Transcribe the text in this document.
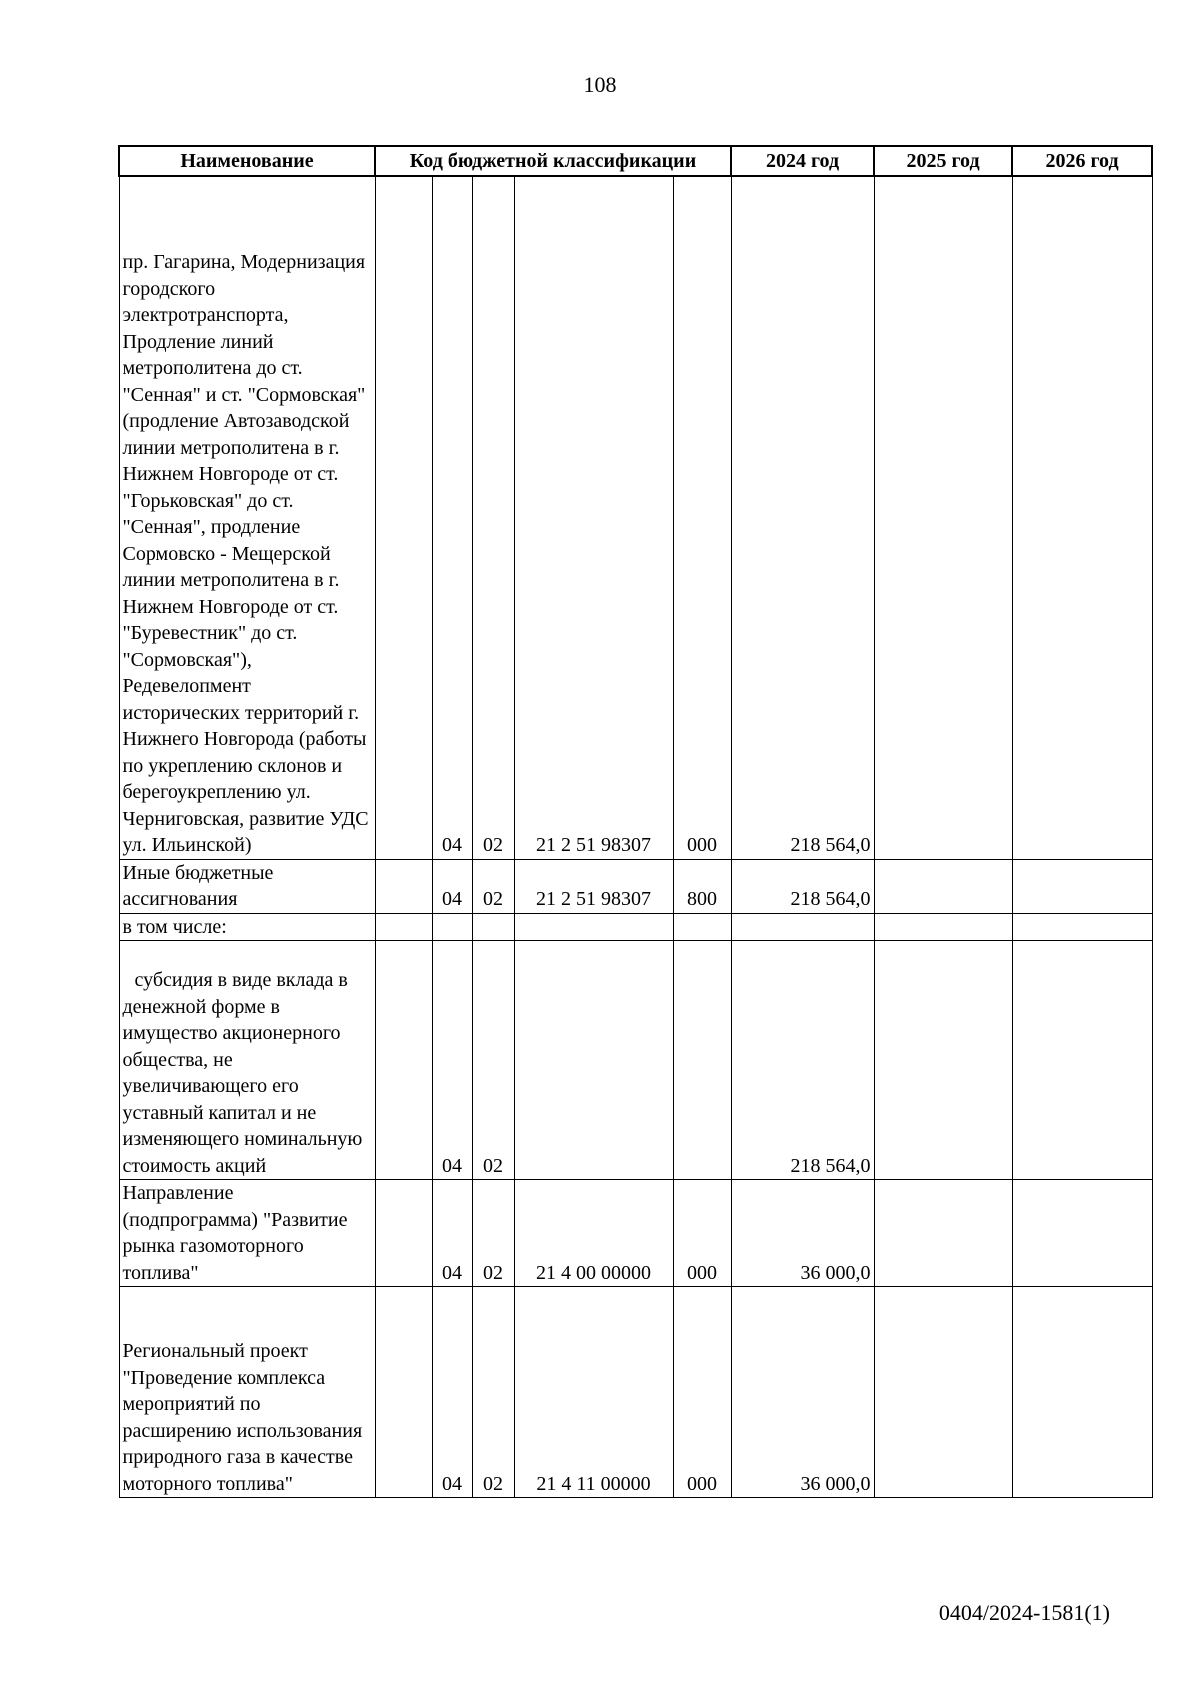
108
Наименование	Код бюджетной классификации					2024 год	2025 год	2026 год
пр. Гагарина, Модернизация городского электротранспорта, Продление линий метрополитена до ст. "Сенная" и ст. "Сормовская" (продление Автозаводской линии метрополитена в г. Нижнем Новгороде от ст. "Горьковская" до ст. "Сенная", продление Сормовско - Мещерской линии метрополитена в г. Нижнем Новгороде от ст. "Буревестник" до ст. "Сормовская"), Редевелопмент исторических территорий г. Нижнего Новгорода (работы по укреплению склонов и берегоукреплению ул. Черниговская, развитие УДС ул. Ильинской)		04	02	21 2 51 98307	000	218 564,0		
Иные бюджетные ассигнования		04	02	21 2 51 98307	800	218 564,0		
в том числе:								
субсидия в виде вклада в денежной форме в имущество акционерного общества, не увеличивающего его уставный капитал и не изменяющего номинальную стоимость акций		04	02			218 564,0		
Направление (подпрограмма) "Развитие рынка газомоторного топлива"		04	02	21 4 00 00000	000	36 000,0		
Региональный проект "Проведение комплекса мероприятий по расширению использования природного газа в качестве моторного топлива"		04	02	21 4 11 00000	000	36 000,0		
0404/2024-1581(1)
